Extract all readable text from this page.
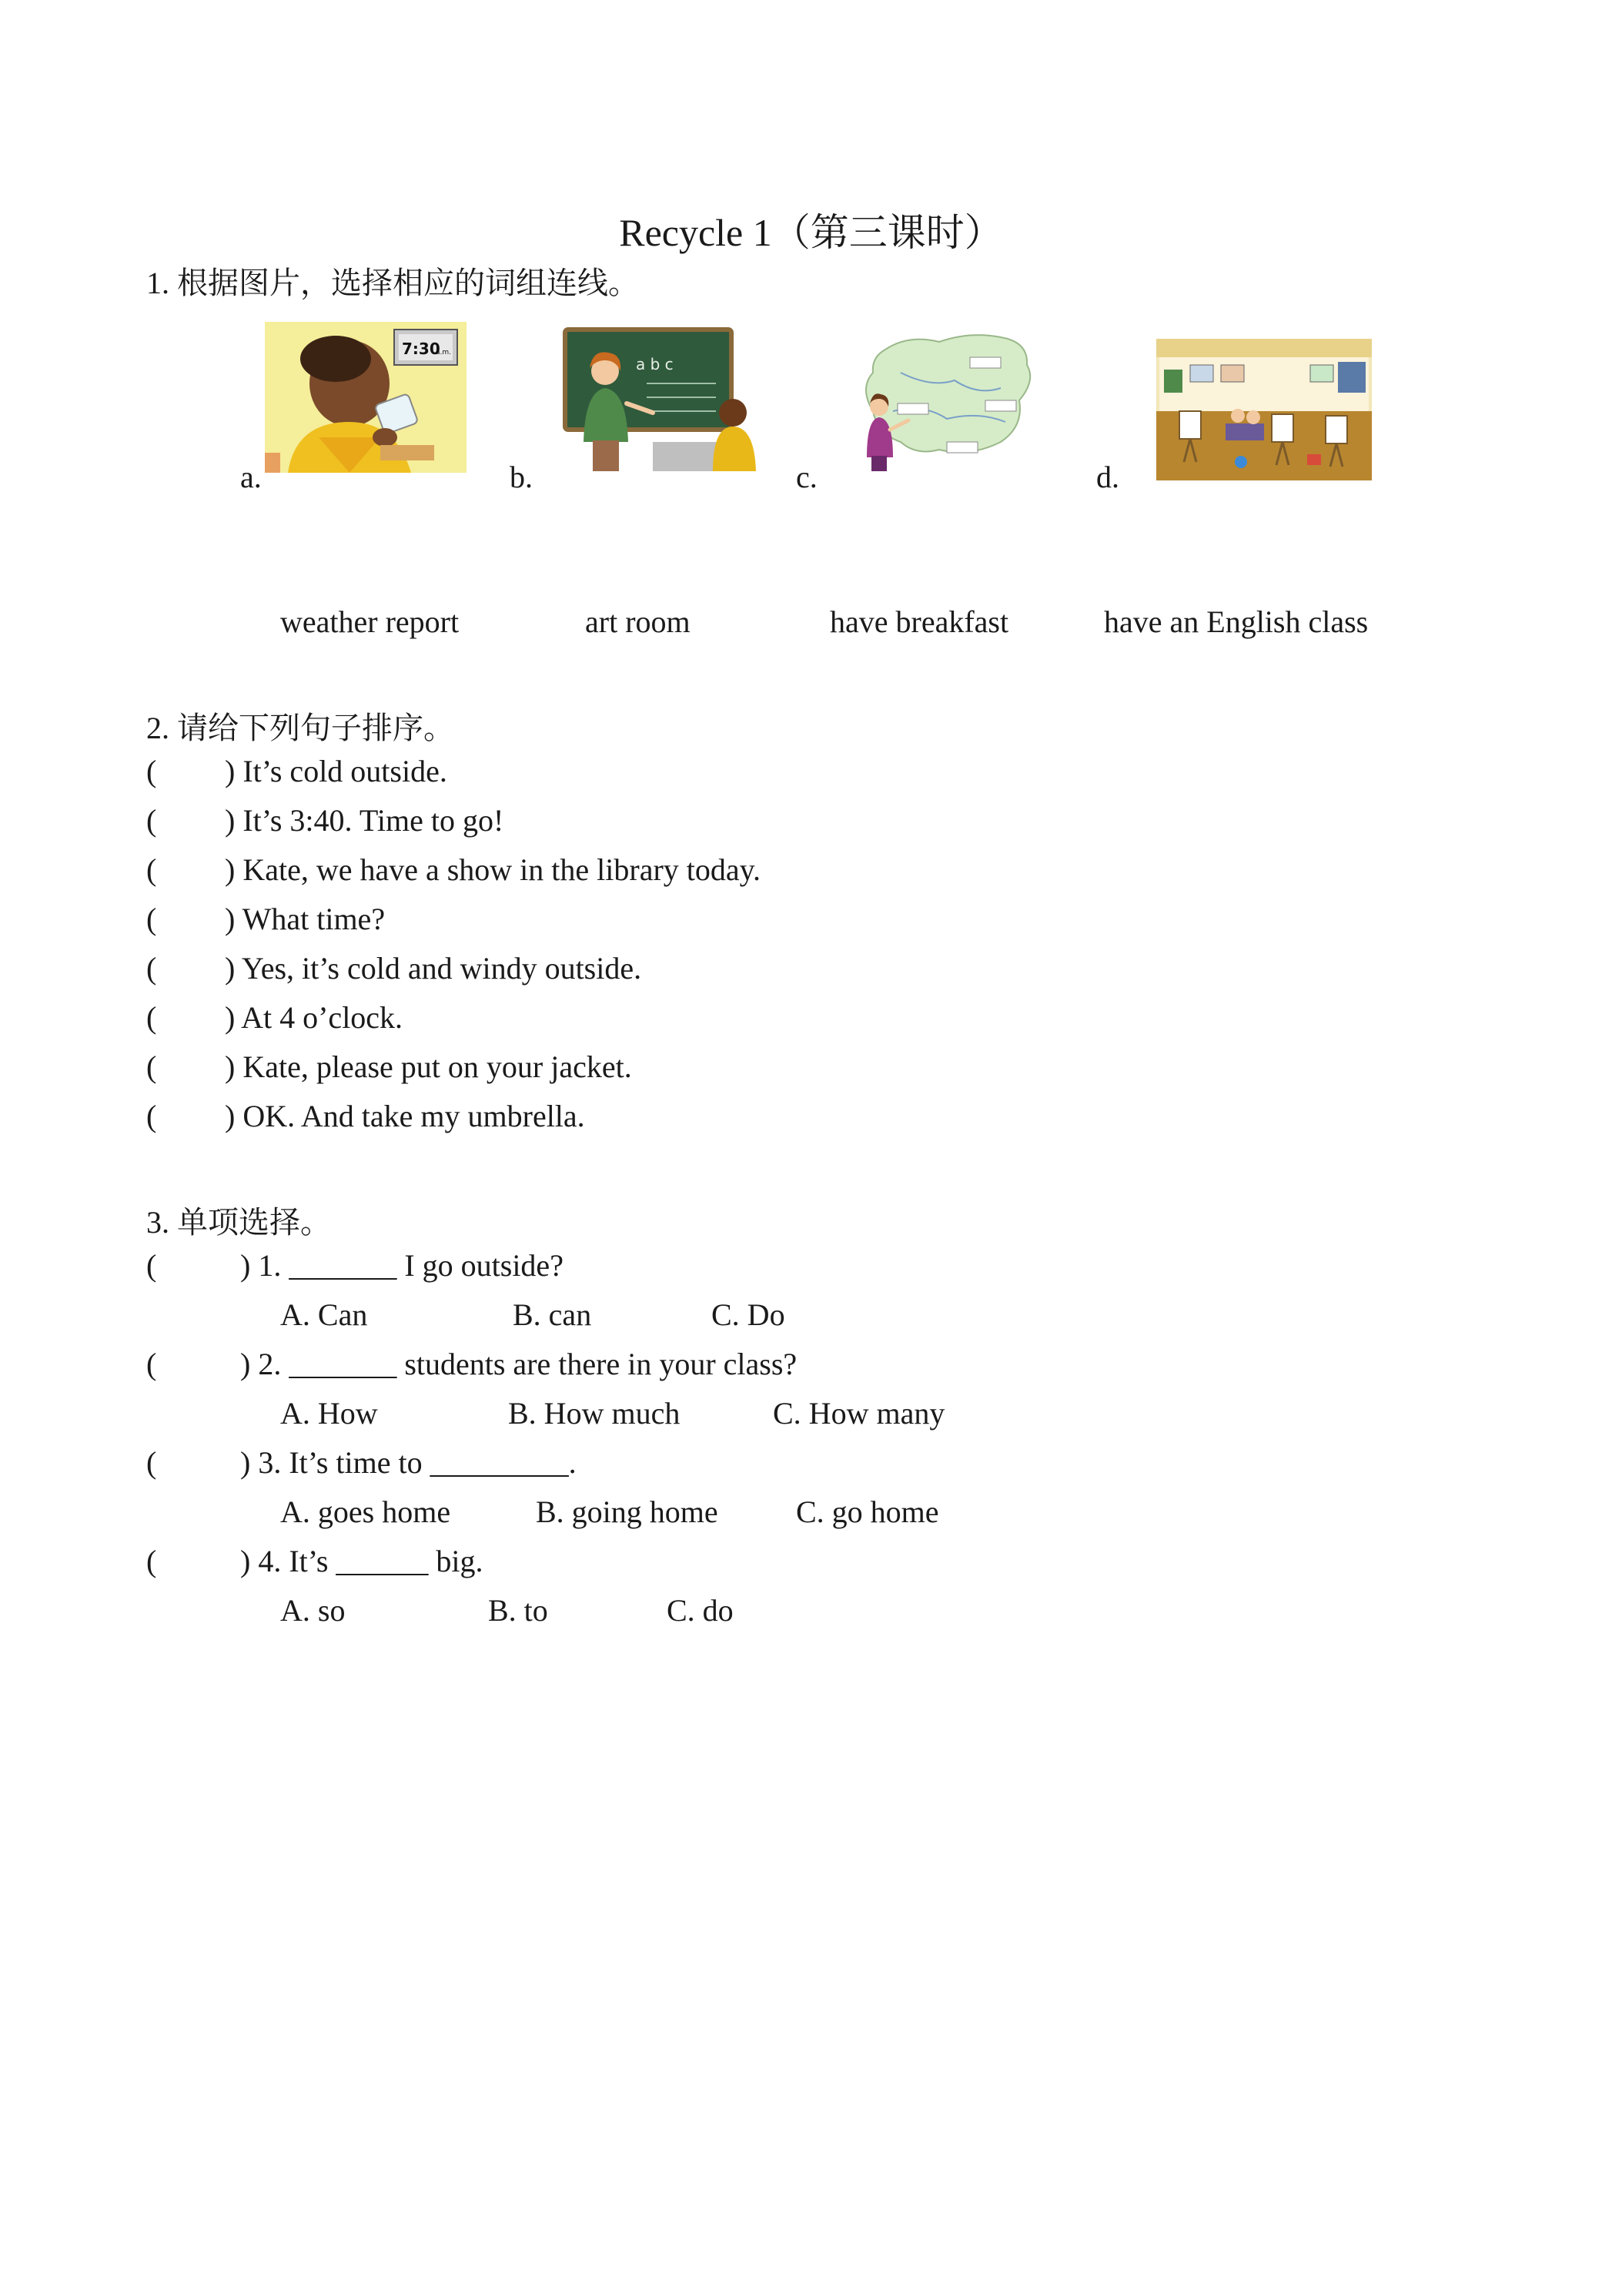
Recycle 1（第三课时）
1. 根据图片，选择相应的词组连线。
a.	b.	c.	d.
7:30
a.m.
a b c
weather report	art room	have breakfast	have an English class
2. 请给下列句子排序。
( ) It’s cold outside.
( ) It’s 3:40. Time to go!
( ) Kate, we have a show in the library today.
( ) What time?
( ) Yes, it’s cold and windy outside.
( ) At 4 o’clock.
( ) Kate, please put on your jacket.
( ) OK. And take my umbrella.
3. 单项选择。
(	) 1. _______ I go outside?
A. Can	B. can	C. Do
(	) 2. _______ students are there in your class?
A. How	B. How much	C. How many
(	) 3. It’s time to _________.
A. goes home	B. going home	C. go home
(	) 4. It’s ______ big.
A. so	B. to	C. do
